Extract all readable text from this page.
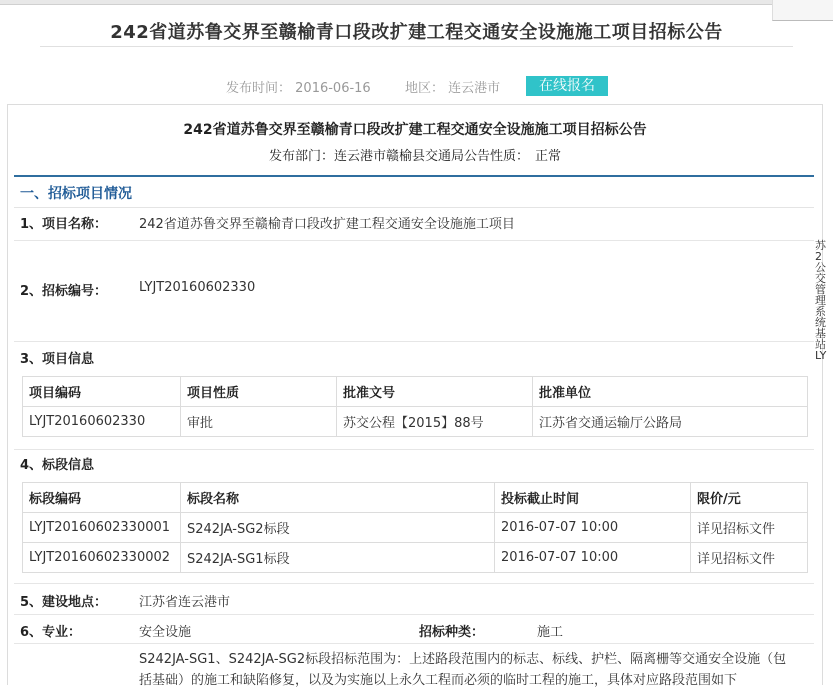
242省道苏鲁交界至赣榆青口段改扩建工程交通安全设施施工项目招标公告
发布时间： 2016-06-16	地区： 连云港市	在线报名
242省道苏鲁交界至赣榆青口段改扩建工程交通安全设施施工项目招标公告
发布部门：连云港市赣榆县交通局公告性质： 正常
一、招标项目情况
1、项目名称： 242省道苏鲁交界至赣榆青口段改扩建工程交通安全设施施工项目
2、招标编号： LYJT20160602330
3、项目信息
项目编码	项目性质	批准文号	批准单位
LYJT20160602330	审批	苏交公程【2015】88号	江苏省交通运输厅公路局
4、标段信息
标段编码	标段名称	投标截止时间	限价/元
LYJT20160602330001	S242JA-SG2标段	2016-07-07 10:00	详见招标文件
LYJT20160602330002	S242JA-SG1标段	2016-07-07 10:00	详见招标文件
5、建设地点： 江苏省连云港市
6、专业：	安全设施	招标种类：	施工
S242JA-SG1、S242JA-SG2标段招标范围为：上述路段范围内的标志、标线、护栏、隔离栅等交通安全设施（包括基础）的施工和缺陷修复，以及为实施以上永久工程而必须的临时工程的施工，具体对应路段范围如下
苏2公交管理系统基站LY
